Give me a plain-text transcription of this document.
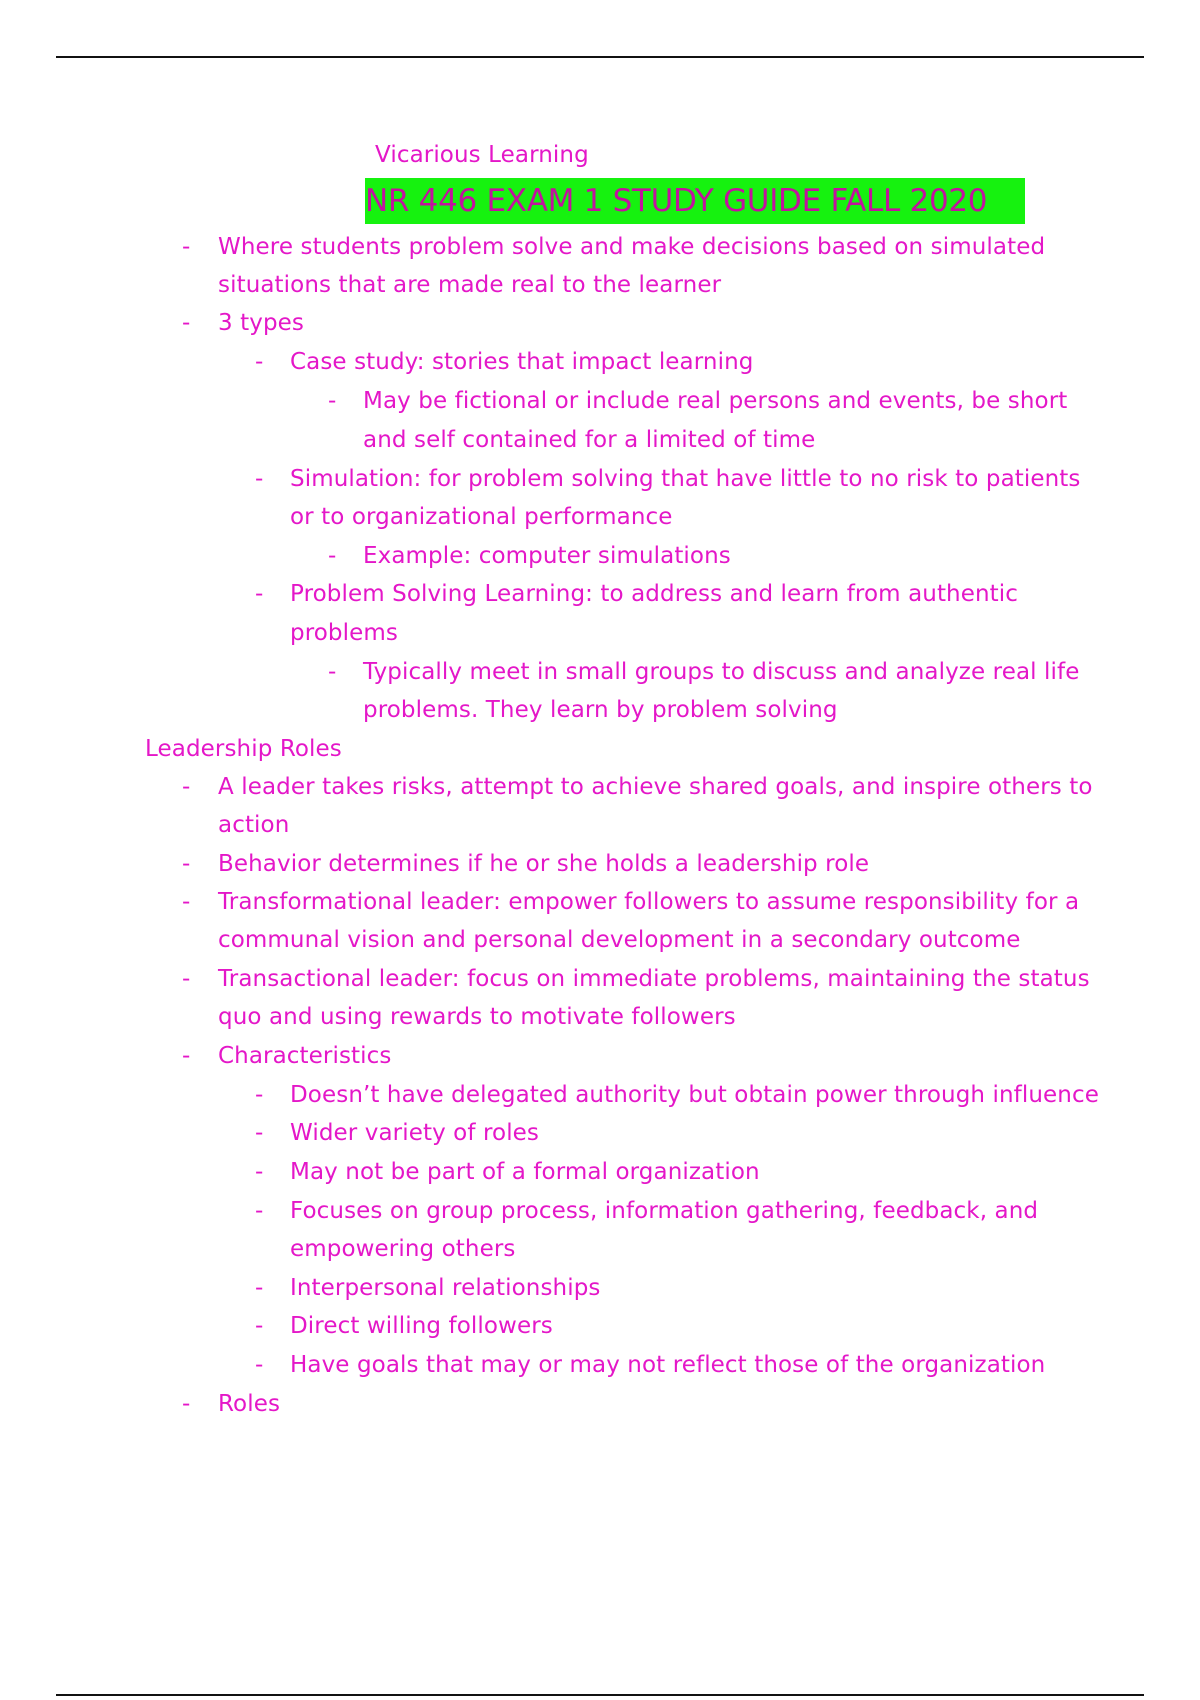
Vicarious Learning
NR 446 EXAM 1 STUDY GUIDE FALL 2020
- Where students problem solve and make decisions based on simulated
situations that are made real to the learner
- 3 types
- Case study: stories that impact learning
- May be fictional or include real persons and events, be short
and self contained for a limited of time
- Simulation: for problem solving that have little to no risk to patients
or to organizational performance
- Example: computer simulations
- Problem Solving Learning: to address and learn from authentic
problems
- Typically meet in small groups to discuss and analyze real life
problems. They learn by problem solving
Leadership Roles
- A leader takes risks, attempt to achieve shared goals, and inspire others to
action
- Behavior determines if he or she holds a leadership role
- Transformational leader: empower followers to assume responsibility for a
communal vision and personal development in a secondary outcome
- Transactional leader: focus on immediate problems, maintaining the status
quo and using rewards to motivate followers
- Characteristics
- Doesn’t have delegated authority but obtain power through influence
- Wider variety of roles
- May not be part of a formal organization
- Focuses on group process, information gathering, feedback, and
empowering others
- Interpersonal relationships
- Direct willing followers
- Have goals that may or may not reflect those of the organization
- Roles
